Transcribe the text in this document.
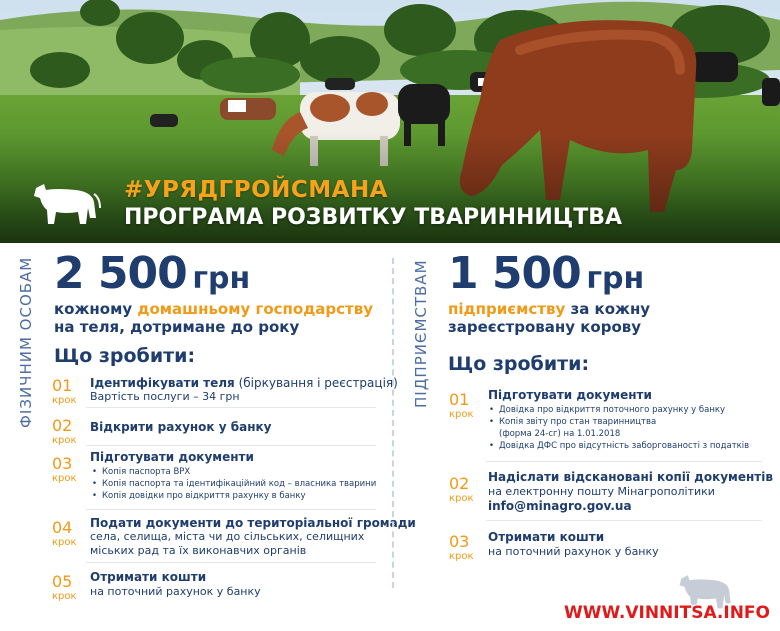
#УРЯДГРОЙСМАНА
ПРОГРАМА РОЗВИТКУ ТВАРИННИЦТВА
ФІЗИЧНИМ ОСОБАМ 2 500 грн
кожному домашньому господарству
на теля, дотримане до року
Що зробити:
01
крок
Ідентифікувати теля (біркування і реєстрація)
Вартість послуги – 34 грн
02
крок
Відкрити рахунок у банку
03
крок
Підготувати документи
• Копія паспорта ВРХ
• Копія паспорта та ідентифікаційний код – власника тварини
• Копія довідки про відкриття рахунку в банку
04
крок
Подати документи до територіальної громади
села, селища, міста чи до сільських, селищних
міських рад та їх виконавчих органів
05
крок
Отримати кошти
на поточний рахунок у банку
ПІДПРИЄМСТВАМ 1 500 грн
підприємству за кожну
зареєстровану корову
Що зробити:
01
крок
Підготувати документи
• Довідка про відкриття поточного рахунку у банку
• Копія звіту про стан тваринництва
(форма 24-сг) на 1.01.2018
• Довідка ДФС про відсутність заборгованості з податків
02
крок
Надіслати відскановані копії документів
на електронну пошту Мінагрополітики
info@minagro.gov.ua
03
крок
Отримати кошти
на поточний рахунок у банку
WWW.VINNITSA.INFO
